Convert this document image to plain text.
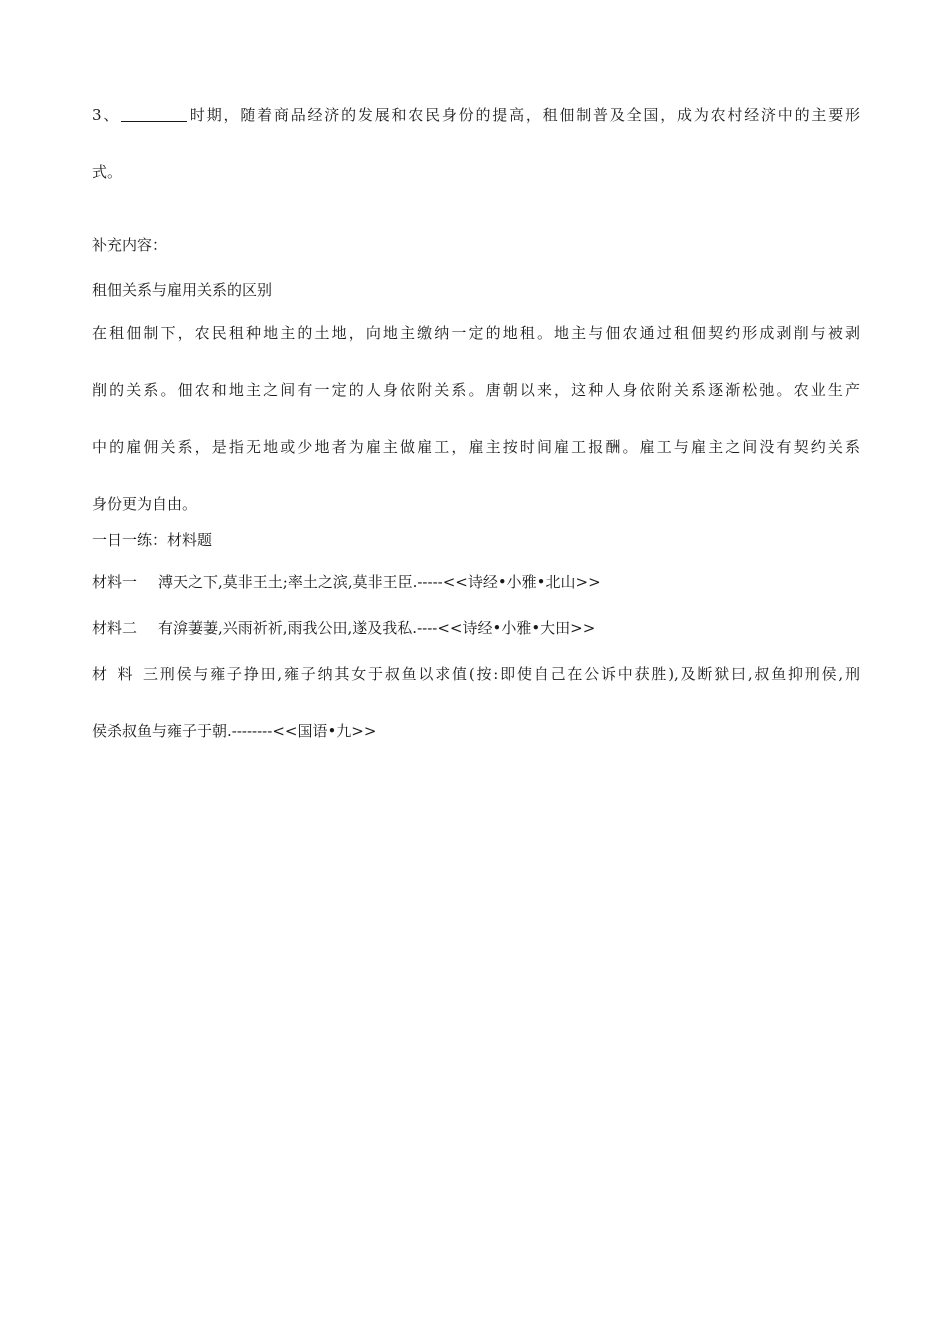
3、	时期，随着商品经济的发展和农民身份的提高，租佃制普及全国，成为农村经济中的主要形
式。
补充内容：
租佃关系与雇用关系的区别
在租佃制下，农民租种地主的土地，向地主缴纳一定的地租。地主与佃农通过租佃契约形成剥削与被剥
削的关系。佃农和地主之间有一定的人身依附关系。唐朝以来，这种人身依附关系逐渐松弛。农业生产
中的雇佣关系，是指无地或少地者为雇主做雇工，雇主按时间雇工报酬。雇工与雇主之间没有契约关系
身份更为自由。
一日一练：材料题
材料一 溥天之下,莫非王土;率土之滨,莫非王臣.-----<<诗经•小雅•北山>>
材料二 有渰萋萋,兴雨祈祈,雨我公田,遂及我私.----<<诗经•小雅•大田>>
材料三刑侯与雍子挣田,雍子纳其女于叔鱼以求值(按:即使自己在公诉中获胜),及断狱曰,叔鱼抑刑侯,刑
侯杀叔鱼与雍子于朝.--------<<国语•九>>
